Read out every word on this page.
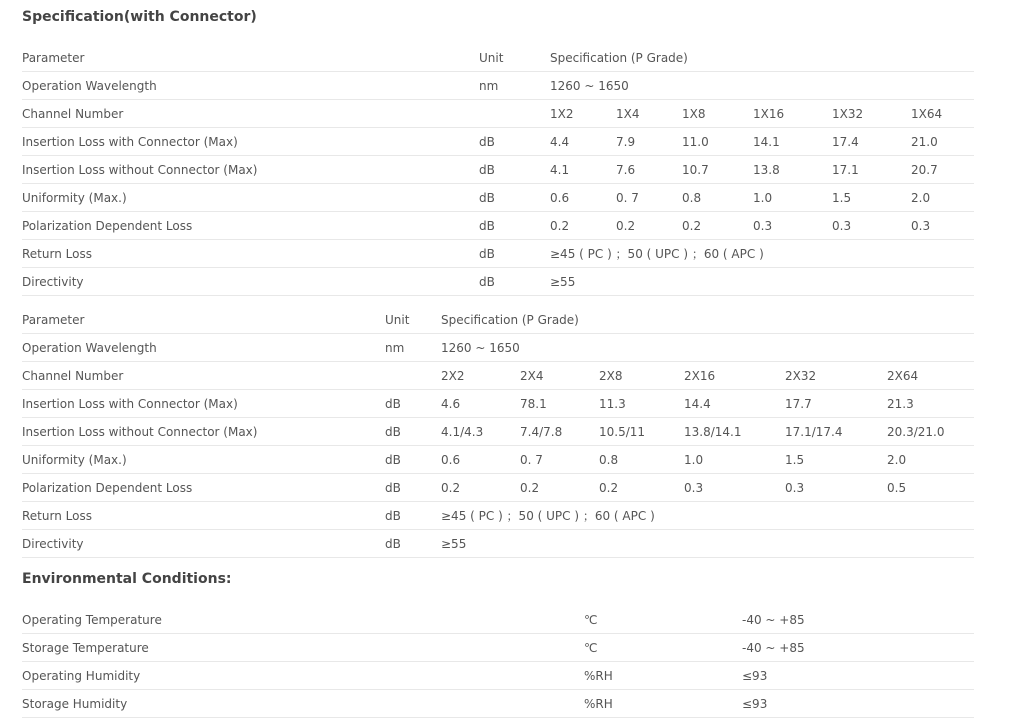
Specification(with Connector)
Parameter	Unit	Specification (P Grade)					
Operation Wavelength	nm	1260 ~ 1650					
Channel Number		1X2	1X4	1X8	1X16	1X32	1X64
Insertion Loss with Connector (Max)	dB	4.4	7.9	11.0	14.1	17.4	21.0
Insertion Loss without Connector (Max)	dB	4.1	7.6	10.7	13.8	17.1	20.7
Uniformity (Max.)	dB	0.6	0. 7	0.8	1.0	1.5	2.0
Polarization Dependent Loss	dB	0.2	0.2	0.2	0.3	0.3	0.3
Return Loss	dB	≥45 ( PC ) ；50 ( UPC ) ；60 ( APC )					
Directivity	dB	≥55					
Parameter	Unit	Specification (P Grade)					
Operation Wavelength	nm	1260 ~ 1650					
Channel Number		2X2	2X4	2X8	2X16	2X32	2X64
Insertion Loss with Connector (Max)	dB	4.6	78.1	11.3	14.4	17.7	21.3
Insertion Loss without Connector (Max)	dB	4.1/4.3	7.4/7.8	10.5/11	13.8/14.1	17.1/17.4	20.3/21.0
Uniformity (Max.)	dB	0.6	0. 7	0.8	1.0	1.5	2.0
Polarization Dependent Loss	dB	0.2	0.2	0.2	0.3	0.3	0.5
Return Loss	dB	≥45 ( PC ) ；50 ( UPC ) ；60 ( APC )					
Directivity	dB	≥55					
Environmental Conditions:
Operating Temperature	℃	-40 ~ +85
Storage Temperature	℃	-40 ~ +85
Operating Humidity	%RH	≤93
Storage Humidity	%RH	≤93
